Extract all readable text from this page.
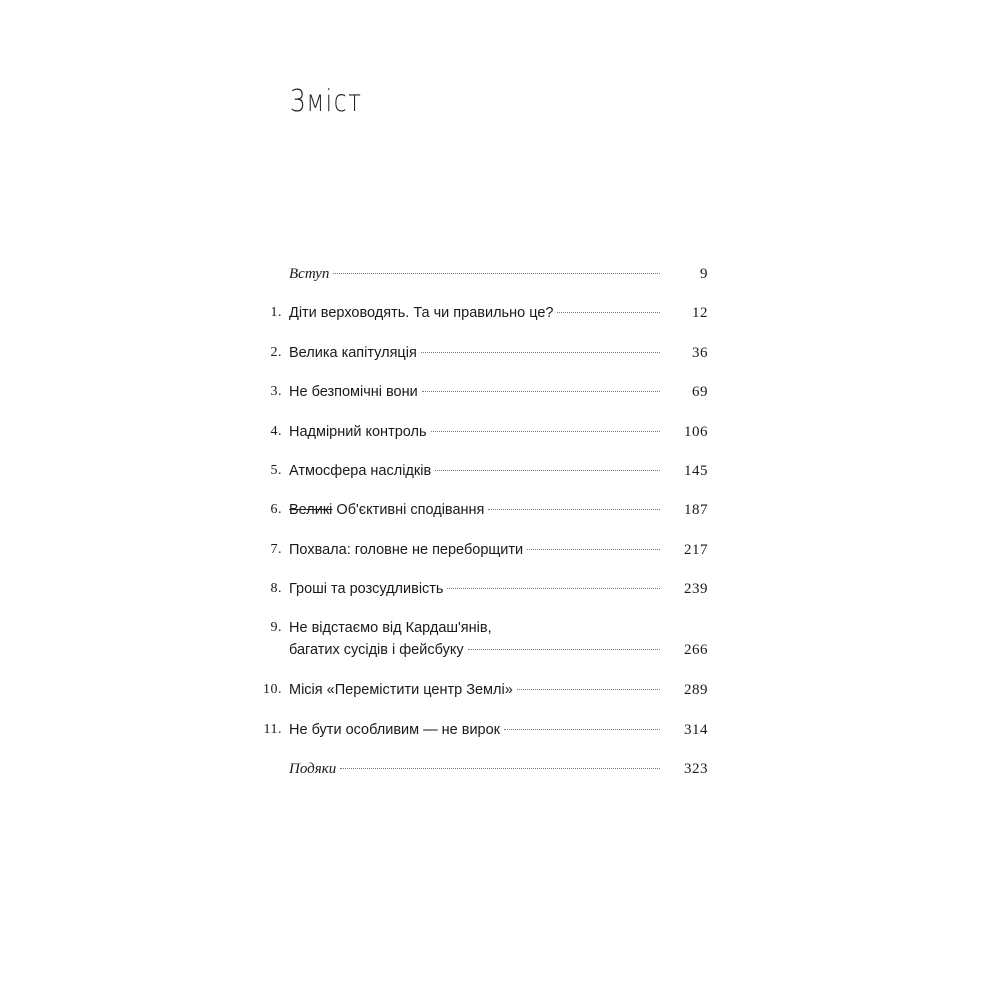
Зміст
Вступ	9
1. Діти верховодять. Та чи правильно це?	12
2. Велика капітуляція	36
3. Не безпомічні вони	69
4. Надмірний контроль	106
5. Атмосфера наслідків	145
6. Великі Об'єктивні сподівання	187
7. Похвала: головне не переборщити	217
8. Гроші та розсудливість	239
9. Не відстаємо від Кардаш'янів,
багатих сусідів і фейсбуку	266
10. Місія «Перемістити центр Землі»	289
11. Не бути особливим — не вирок	314
Подяки	323
